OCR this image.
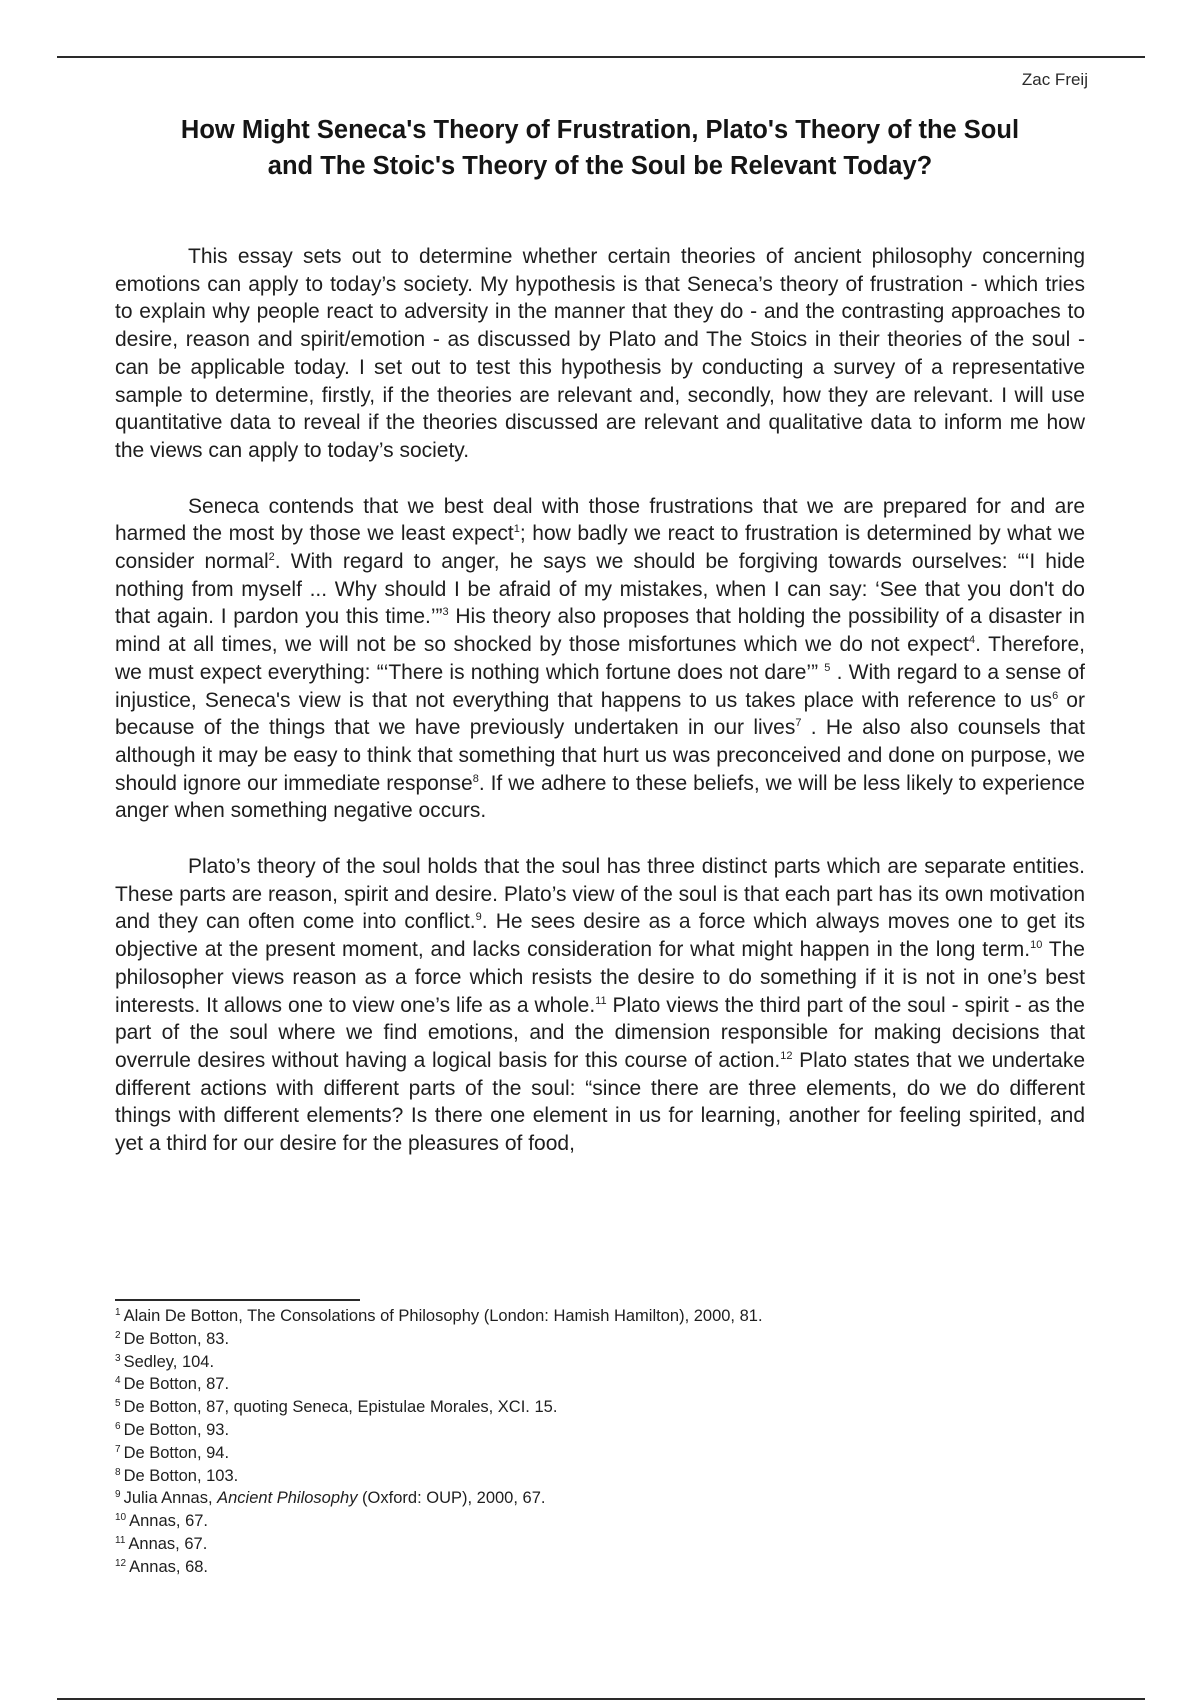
Zac Freij
How Might Seneca's Theory of Frustration, Plato's Theory of the Soul
and The Stoic's Theory of the Soul be Relevant Today?

This essay sets out to determine whether certain theories of ancient philosophy concerning emotions can apply to today’s society. My hypothesis is that Seneca’s theory of frustration - which tries to explain why people react to adversity in the manner that they do - and the contrasting approaches to desire, reason and spirit/emotion - as discussed by Plato and The Stoics in their theories of the soul - can be applicable today. I set out to test this hypothesis by conducting a survey of a representative sample to determine, firstly, if the theories are relevant and, secondly, how they are relevant. I will use quantitative data to reveal if the theories discussed are relevant and qualitative data to inform me how the views can apply to today’s society.

Seneca contends that we best deal with those frustrations that we are prepared for and are harmed the most by those we least expect$^1$; how badly we react to frustration is determined by what we consider normal$^2$. With regard to anger, he says we should be forgiving towards ourselves: “‘I hide nothing from myself ... Why should I be afraid of my mistakes, when I can say: ‘See that you don't do that again. I pardon you this time.’”$^3$ His theory also proposes that holding the possibility of a disaster in mind at all times, we will not be so shocked by those misfortunes which we do not expect$^4$. Therefore, we must expect everything: “‘There is nothing which fortune does not dare’” $^5$ . With regard to a sense of injustice, Seneca's view is that not everything that happens to us takes place with reference to $us^6$ or because of the things that we have previously undertaken in our lives$^7$ . He also also counsels that although it may be easy to think that something that hurt us was preconceived and done on purpose, we should ignore our immediate response$^8$. If we adhere to these beliefs, we will be less likely to experience anger when something negative occurs.

Plato’s theory of the soul holds that the soul has three distinct parts which are separate entities. These parts are reason, spirit and desire. Plato’s view of the soul is that each part has its own motivation and they can often come into conflict.$^9$. He sees desire as a force which always moves one to get its objective at the present moment, and lacks consideration for what might happen in the long term.$^{10}$ The philosopher views reason as a force which resists the desire to do something if it is not in one’s best interests. It allows one to view one’s life as a whole.$^{11}$ Plato views the third part of the soul - spirit - as the part of the soul where we find emotions, and the dimension responsible for making decisions that overrule desires without having a logical basis for this course of action.$^{12}$ Plato states that we undertake different actions with different parts of the soul: “since there are three elements, do we do different things with different elements? Is there one element in us for learning, another for feeling spirited, and yet a third for our desire for the pleasures of food,

$^1$ Alain De Botton, The Consolations of Philosophy (London: Hamish Hamilton), 2000, 81.
$^2$ De Botton, 83.
$^3$ Sedley, 104.
$^4$ De Botton, 87.
$^5$ De Botton, 87, quoting Seneca, Epistulae Morales, XCI. 15.
$^6$ De Botton, 93.
$^7$ De Botton, 94.
$^8$ De Botton, 103.
$^9$ Julia Annas, Ancient Philosophy (Oxford: OUP), 2000, 67.
$^{10}$ Annas, 67.
$^{11}$ Annas, 67.
$^{12}$ Annas, 68.
